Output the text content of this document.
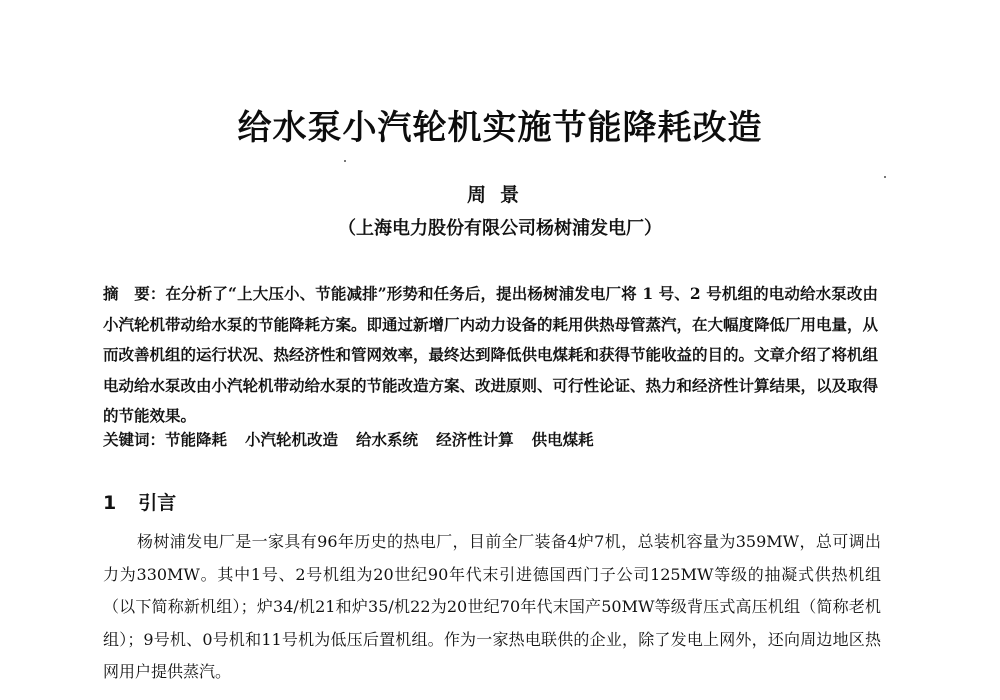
给水泵小汽轮机实施节能降耗改造
周景
（上海电力股份有限公司杨树浦发电厂）
摘　要：在分析了“上大压小、节能减排”形势和任务后，提出杨树浦发电厂将 1 号、2 号机组的电动给水泵改由小汽轮机带动给水泵的节能降耗方案。即通过新增厂内动力设备的耗用供热母管蒸汽，在大幅度降低厂用电量，从而改善机组的运行状况、热经济性和管网效率，最终达到降低供电煤耗和获得节能收益的目的。文章介绍了将机组电动给水泵改由小汽轮机带动给水泵的节能改造方案、改进原则、可行性论证、热力和经济性计算结果，以及取得的节能效果。
关键词：节能降耗 小汽轮机改造 给水系统 经济性计算 供电煤耗
1 引言
杨树浦发电厂是一家具有96年历史的热电厂，目前全厂装备4炉7机，总装机容量为359MW，总可调出力为330MW。其中1号、2号机组为20世纪90年代末引进德国西门子公司125MW等级的抽凝式供热机组（以下简称新机组）；炉34/机21和炉35/机22为20世纪70年代末国产50MW等级背压式高压机组（简称老机组）；9号机、0号机和11号机为低压后置机组。作为一家热电联供的企业，除了发电上网外，还向周边地区热网用户提供蒸汽。
